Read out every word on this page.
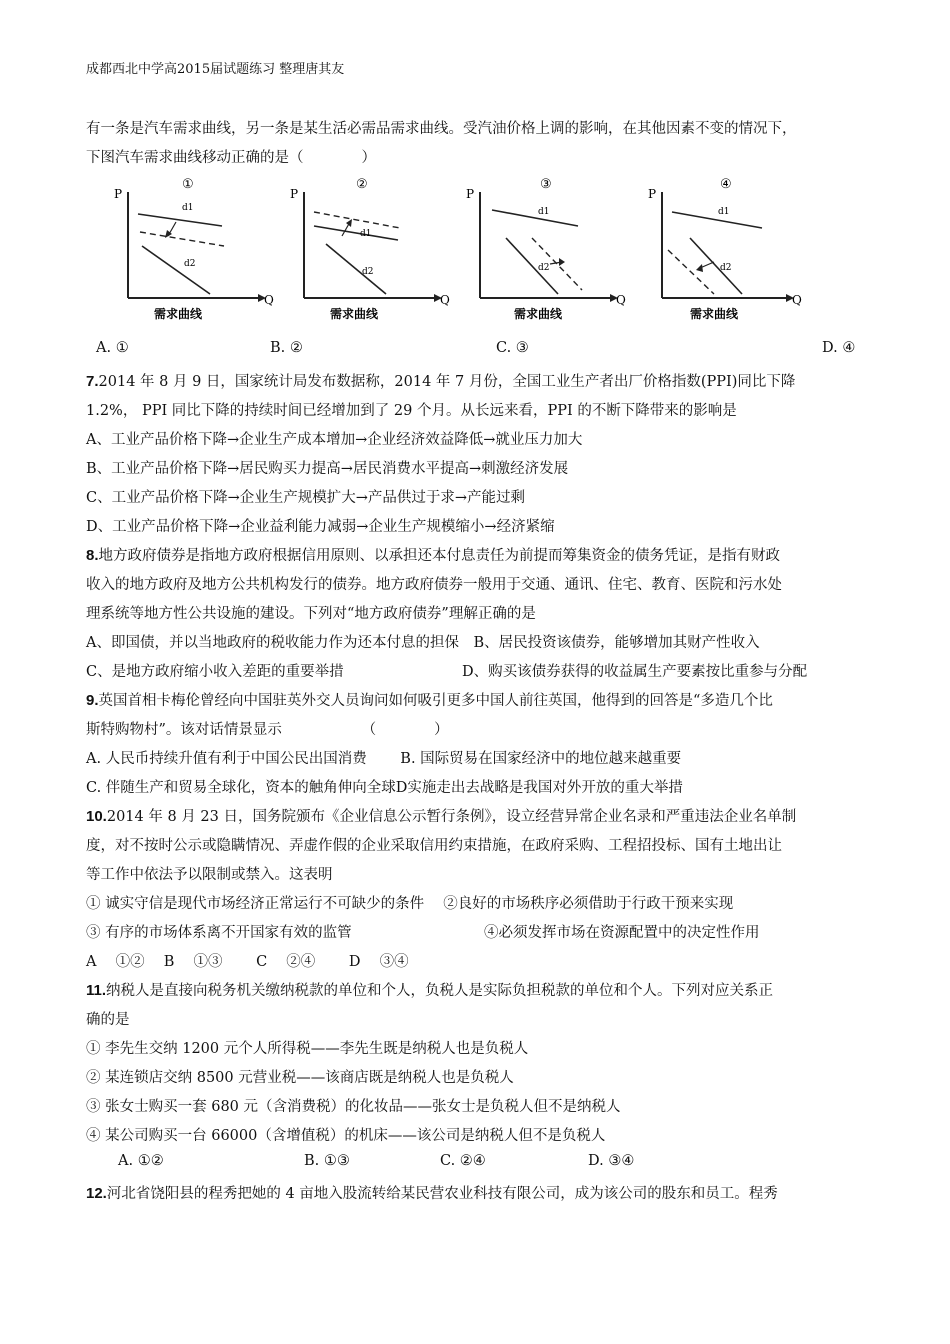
成都西北中学高2015届试题练习 整理唐其友
有一条是汽车需求曲线，另一条是某生活必需品需求曲线。受汽油价格上调的影响，在其他因素不变的情况下，
下图汽车需求曲线移动正确的是（　　　　）
①
P
Q
d1
d2
需求曲线
②
P
Q
d1
d2
需求曲线
③
P
Q
d1
d2
需求曲线
④
P
Q
d1
d2
需求曲线
A. ①	B. ②	C. ③	D. ④
7.2014 年 8 月 9 日，国家统计局发布数据称，2014 年 7 月份，全国工业生产者出厂价格指数(PPI)同比下降
1.2%， PPI 同比下降的持续时间已经增加到了 29 个月。从长远来看，PPI 的不断下降带来的影响是
A、工业产品价格下降→企业生产成本增加→企业经济效益降低→就业压力加大
B、工业产品价格下降→居民购买力提高→居民消费水平提高→刺激经济发展
C、工业产品价格下降→企业生产规模扩大→产品供过于求→产能过剩
D、工业产品价格下降→企业益利能力减弱→企业生产规模缩小→经济紧缩
8.地方政府债券是指地方政府根据信用原则、以承担还本付息责任为前提而筹集资金的债务凭证，是指有财政
收入的地方政府及地方公共机构发行的债券。地方政府债券一般用于交通、通讯、住宅、教育、医院和污水处
理系统等地方性公共设施的建设。下列对“地方政府债券”理解正确的是
A、即国债，并以当地政府的税收能力作为还本付息的担保　B、居民投资该债券，能够增加其财产性收入
C、是地方政府缩小收入差距的重要举措	D、购买该债券获得的收益属生产要素按比重参与分配
9.英国首相卡梅伦曾经向中国驻英外交人员询问如何吸引更多中国人前往英国，他得到的回答是“多造几个比
斯特购物村”。该对话情景显示　　　　　　（　　　　）
A. 人民币持续升值有利于中国公民出国消费　　 B. 国际贸易在国家经济中的地位越来越重要
C. 伴随生产和贸易全球化，资本的触角伸向全球D实施走出去战略是我国对外开放的重大举措
10.2014 年 8 月 23 日，国务院颁布《企业信息公示暂行条例》，设立经营异常企业名录和严重违法企业名单制
度，对不按时公示或隐瞒情况、弄虚作假的企业采取信用约束措施，在政府采购、工程招投标、国有土地出让
等工作中依法予以限制或禁入。这表明
① 诚实守信是现代市场经济正常运行不可缺少的条件　 ②良好的市场秩序必须借助于行政干预来实现
③ 有序的市场体系离不开国家有效的监管	④必须发挥市场在资源配置中的决定性作用
A　 ①②　 B　 ①③　　 C　 ②④　　 D　 ③④
11.纳税人是直接向税务机关缴纳税款的单位和个人，负税人是实际负担税款的单位和个人。下列对应关系正
确的是
① 李先生交纳 1200 元个人所得税——李先生既是纳税人也是负税人
② 某连锁店交纳 8500 元营业税——该商店既是纳税人也是负税人
③ 张女士购买一套 680 元（含消费税）的化妆品——张女士是负税人但不是纳税人
④ 某公司购买一台 66000（含增值税）的机床——该公司是纳税人但不是负税人
A. ①②	B. ①③	C. ②④	D. ③④
12.河北省饶阳县的程秀把她的 4 亩地入股流转给某民营农业科技有限公司，成为该公司的股东和员工。程秀
